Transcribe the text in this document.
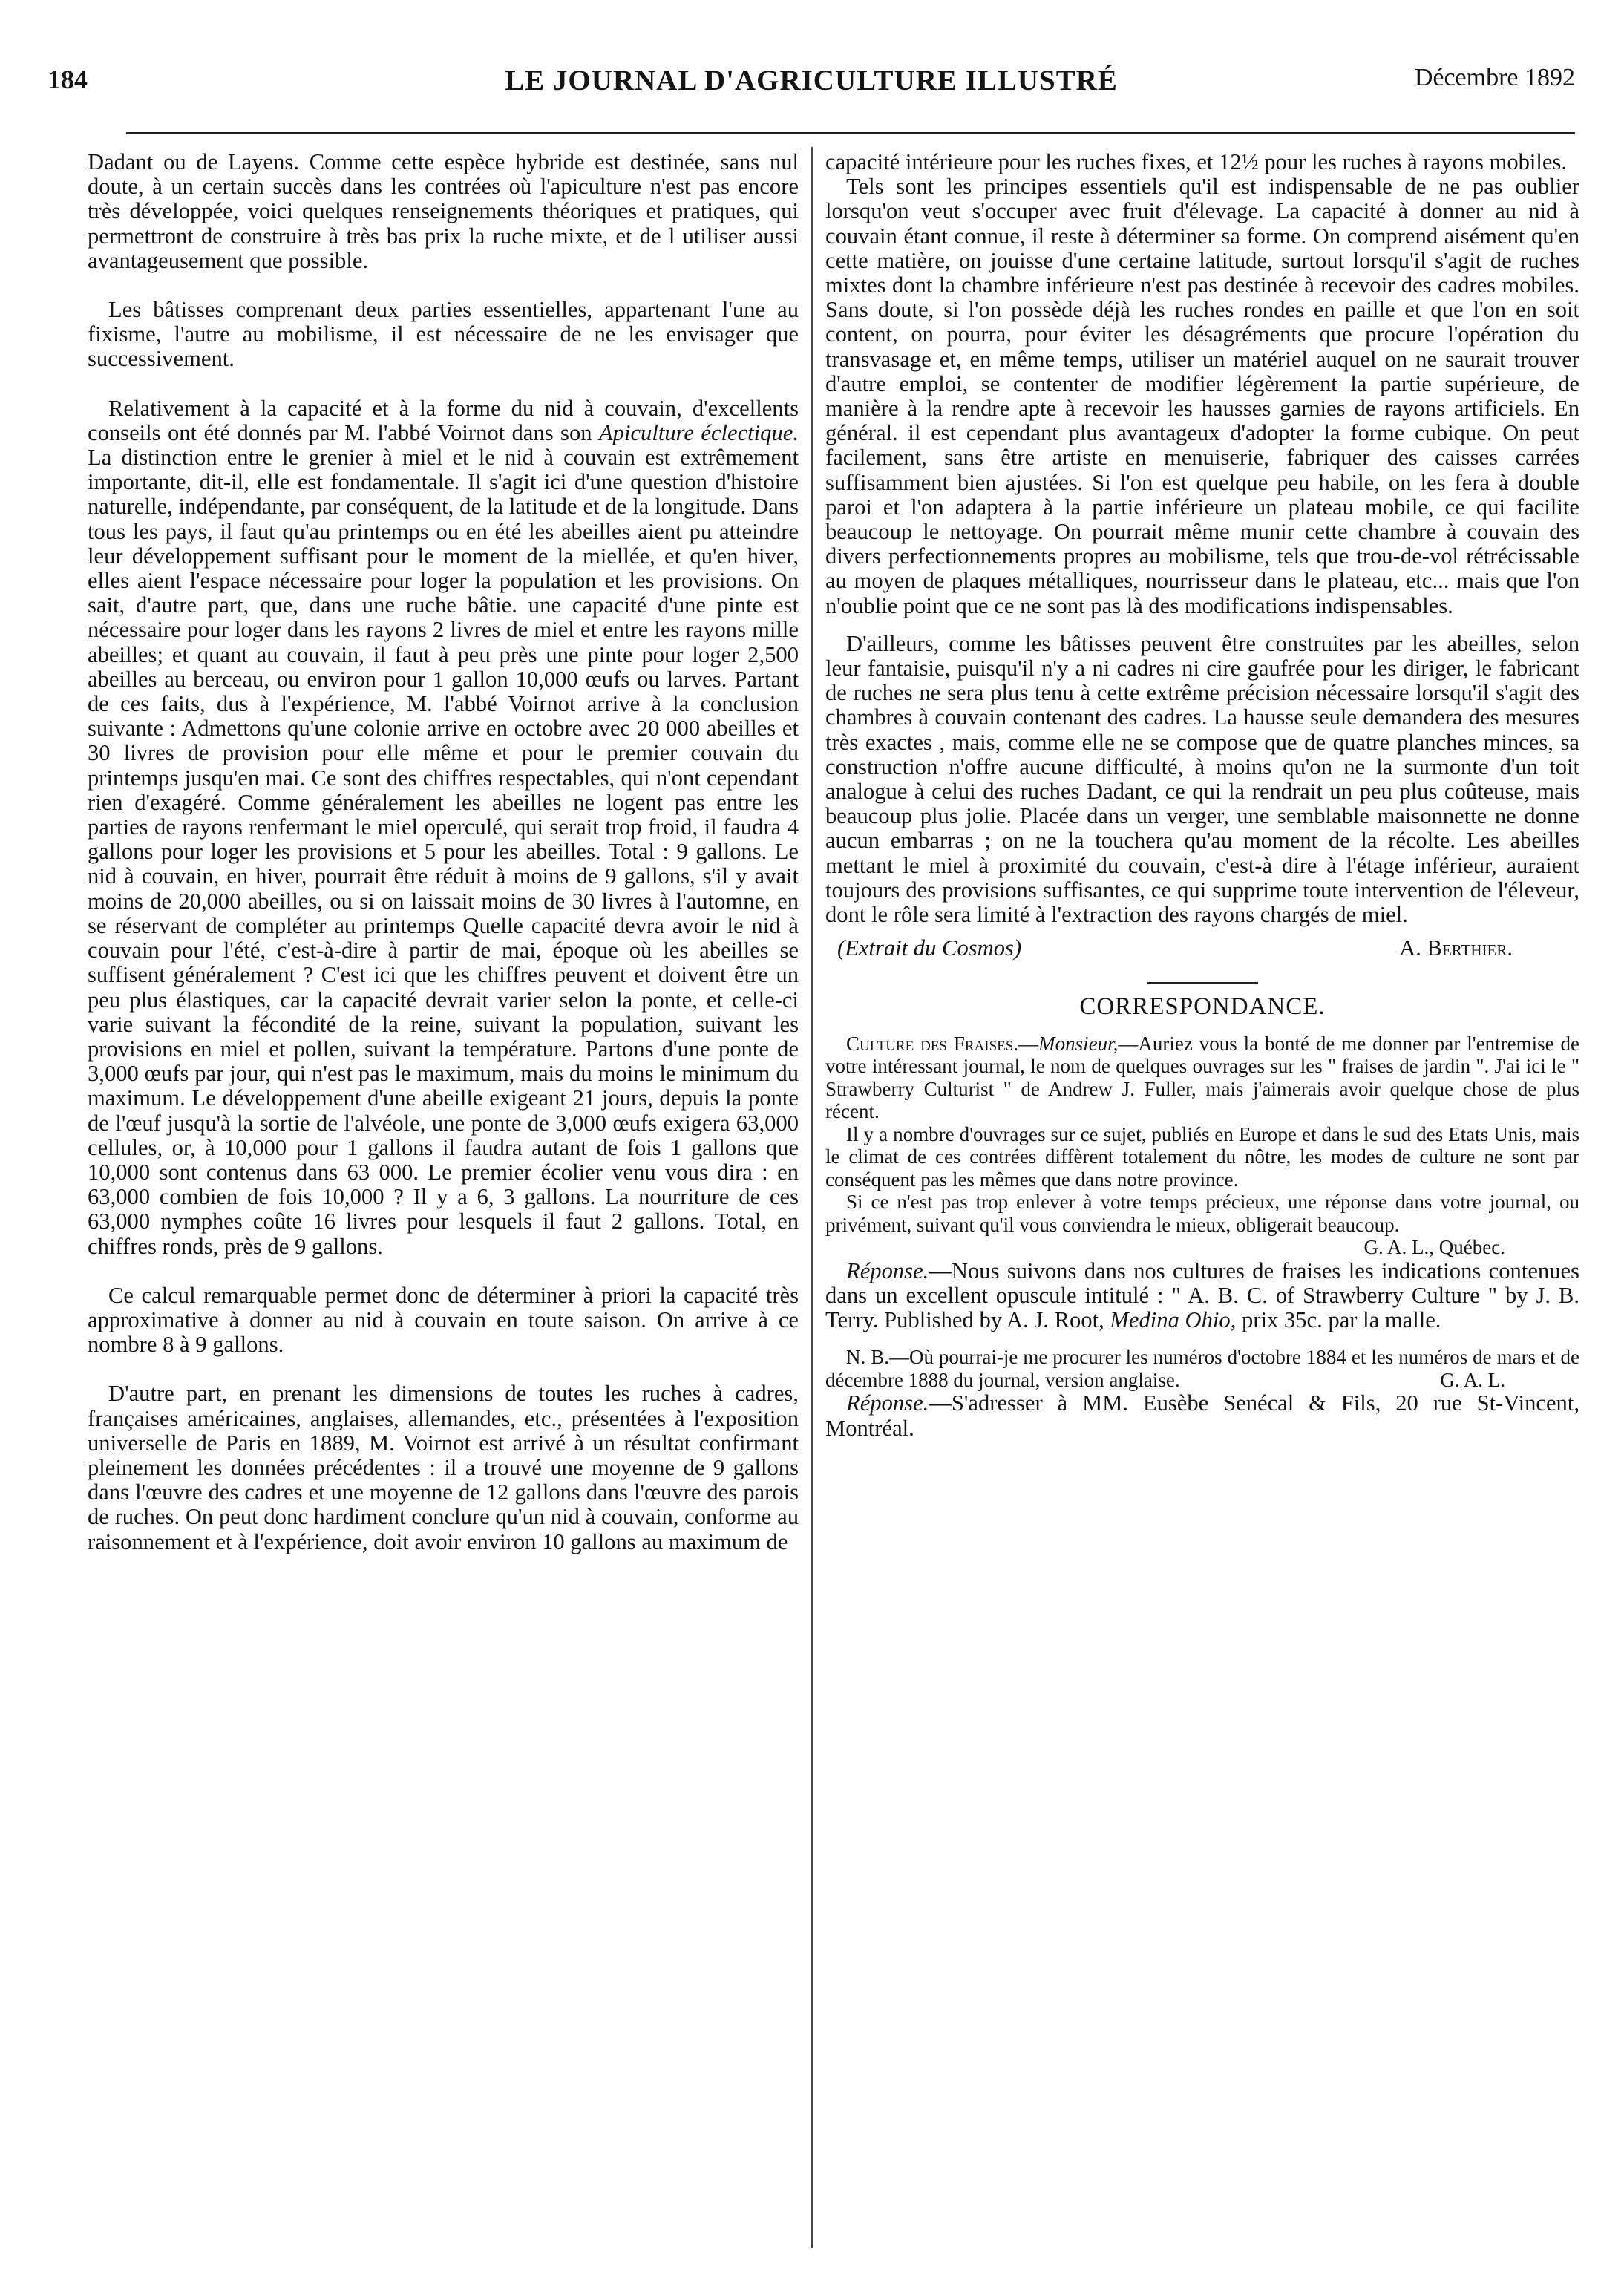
184	LE JOURNAL D'AGRICULTURE ILLUSTRÉ	Décembre 1892

Dadant ou de Layens. Comme cette espèce hybride est destinée, sans nul doute, à un certain succès dans les contrées où l'apiculture n'est pas encore très développée, voici quelques renseignements théoriques et pratiques, qui permettront de construire à très bas prix la ruche mixte, et de l utiliser aussi avantageusement que possible.

Les bâtisses comprenant deux parties essentielles, appartenant l'une au fixisme, l'autre au mobilisme, il est nécessaire de ne les envisager que successivement.

Relativement à la capacité et à la forme du nid à couvain, d'excellents conseils ont été donnés par M. l'abbé Voirnot dans son Apiculture éclectique. La distinction entre le grenier à miel et le nid à couvain est extrêmement importante, dit-il, elle est fondamentale. Il s'agit ici d'une question d'histoire naturelle, indépendante, par conséquent, de la latitude et de la longitude. Dans tous les pays, il faut qu'au printemps ou en été les abeilles aient pu atteindre leur développement suffisant pour le moment de la miellée, et qu'en hiver, elles aient l'espace nécessaire pour loger la population et les provisions. On sait, d'autre part, que, dans une ruche bâtie. une capacité d'une pinte est nécessaire pour loger dans les rayons 2 livres de miel et entre les rayons mille abeilles; et quant au couvain, il faut à peu près une pinte pour loger 2,500 abeilles au berceau, ou environ pour 1 gallon 10,000 œufs ou larves. Partant de ces faits, dus à l'expérience, M. l'abbé Voirnot arrive à la conclusion suivante : Admettons qu'une colonie arrive en octobre avec 20 000 abeilles et 30 livres de provision pour elle même et pour le premier couvain du printemps jusqu'en mai. Ce sont des chiffres respectables, qui n'ont cependant rien d'exagéré. Comme généralement les abeilles ne logent pas entre les parties de rayons renfermant le miel operculé, qui serait trop froid, il faudra 4 gallons pour loger les provisions et 5 pour les abeilles. Total : 9 gallons. Le nid à couvain, en hiver, pourrait être réduit à moins de 9 gallons, s'il y avait moins de 20,000 abeilles, ou si on laissait moins de 30 livres à l'automne, en se réservant de compléter au printemps Quelle capacité devra avoir le nid à couvain pour l'été, c'est-à-dire à partir de mai, époque où les abeilles se suffisent généralement ? C'est ici que les chiffres peuvent et doivent être un peu plus élastiques, car la capacité devrait varier selon la ponte, et celle-ci varie suivant la fécondité de la reine, suivant la population, suivant les provisions en miel et pollen, suivant la température. Partons d'une ponte de 3,000 œufs par jour, qui n'est pas le maximum, mais du moins le minimum du maximum. Le développement d'une abeille exigeant 21 jours, depuis la ponte de l'œuf jusqu'à la sortie de l'alvéole, une ponte de 3,000 œufs exigera 63,000 cellules, or, à 10,000 pour 1 gallons il faudra autant de fois 1 gallons que 10,000 sont contenus dans 63 000. Le premier écolier venu vous dira : en 63,000 combien de fois 10,000 ? Il y a 6, 3 gallons. La nourriture de ces 63,000 nymphes coûte 16 livres pour lesquels il faut 2 gallons. Total, en chiffres ronds, près de 9 gallons.

Ce calcul remarquable permet donc de déterminer à priori la capacité très approximative à donner au nid à couvain en toute saison. On arrive à ce nombre 8 à 9 gallons.

D'autre part, en prenant les dimensions de toutes les ruches à cadres, françaises américaines, anglaises, allemandes, etc., présentées à l'exposition universelle de Paris en 1889, M. Voirnot est arrivé à un résultat confirmant pleinement les données précédentes : il a trouvé une moyenne de 9 gallons dans l'œuvre des cadres et une moyenne de 12 gallons dans l'œuvre des parois de ruches. On peut donc hardiment conclure qu'un nid à couvain, conforme au raisonnement et à l'expérience, doit avoir environ 10 gallons au maximum de

capacité intérieure pour les ruches fixes, et 12½ pour les ruches à rayons mobiles.

Tels sont les principes essentiels qu'il est indispensable de ne pas oublier lorsqu'on veut s'occuper avec fruit d'élevage. La capacité à donner au nid à couvain étant connue, il reste à déterminer sa forme. On comprend aisément qu'en cette matière, on jouisse d'une certaine latitude, surtout lorsqu'il s'agit de ruches mixtes dont la chambre inférieure n'est pas destinée à recevoir des cadres mobiles. Sans doute, si l'on possède déjà les ruches rondes en paille et que l'on en soit content, on pourra, pour éviter les désagréments que procure l'opération du transvasage et, en même temps, utiliser un matériel auquel on ne saurait trouver d'autre emploi, se contenter de modifier légèrement la partie supérieure, de manière à la rendre apte à recevoir les hausses garnies de rayons artificiels. En général. il est cependant plus avantageux d'adopter la forme cubique. On peut facilement, sans être artiste en menuiserie, fabriquer des caisses carrées suffisamment bien ajustées. Si l'on est quelque peu habile, on les fera à double paroi et l'on adaptera à la partie inférieure un plateau mobile, ce qui facilite beaucoup le nettoyage. On pourrait même munir cette chambre à couvain des divers perfectionnements propres au mobilisme, tels que trou-de-vol rétrécissable au moyen de plaques métalliques, nourrisseur dans le plateau, etc... mais que l'on n'oublie point que ce ne sont pas là des modifications indispensables.

D'ailleurs, comme les bâtisses peuvent être construites par les abeilles, selon leur fantaisie, puisqu'il n'y a ni cadres ni cire gaufrée pour les diriger, le fabricant de ruches ne sera plus tenu à cette extrême précision nécessaire lorsqu'il s'agit des chambres à couvain contenant des cadres. La hausse seule demandera des mesures très exactes , mais, comme elle ne se compose que de quatre planches minces, sa construction n'offre aucune difficulté, à moins qu'on ne la surmonte d'un toit analogue à celui des ruches Dadant, ce qui la rendrait un peu plus coûteuse, mais beaucoup plus jolie. Placée dans un verger, une semblable maisonnette ne donne aucun embarras ; on ne la touchera qu'au moment de la récolte. Les abeilles mettant le miel à proximité du couvain, c'est-à dire à l'étage inférieur, auraient toujours des provisions suffisantes, ce qui supprime toute intervention de l'éleveur, dont le rôle sera limité à l'extraction des rayons chargés de miel.

(Extrait du Cosmos)	A. Berthier.
CORRESPONDANCE.

Culture des Fraises.—Monsieur,—Auriez vous la bonté de me donner par l'entremise de votre intéressant journal, le nom de quelques ouvrages sur les " fraises de jardin ". J'ai ici le " Strawberry Culturist " de Andrew J. Fuller, mais j'aimerais avoir quelque chose de plus récent.

Il y a nombre d'ouvrages sur ce sujet, publiés en Europe et dans le sud des Etats Unis, mais le climat de ces contrées diffèrent totalement du nôtre, les modes de culture ne sont par conséquent pas les mêmes que dans notre province.

Si ce n'est pas trop enlever à votre temps précieux, une réponse dans votre journal, ou privément, suivant qu'il vous conviendra le mieux, obligerait beaucoup.
G. A. L., Québec.

Réponse.—Nous suivons dans nos cultures de fraises les indications contenues dans un excellent opuscule intitulé : " A. B. C. of Strawberry Culture " by J. B. Terry. Published by A. J. Root, Medina Ohio, prix 35c. par la malle.

N. B.—Où pourrai-je me procurer les numéros d'octobre 1884 et les numéros de mars et de décembre 1888 du journal, version anglaise.	G. A. L.

Réponse.—S'adresser à MM. Eusèbe Senécal & Fils, 20 rue St-Vincent, Montréal.
